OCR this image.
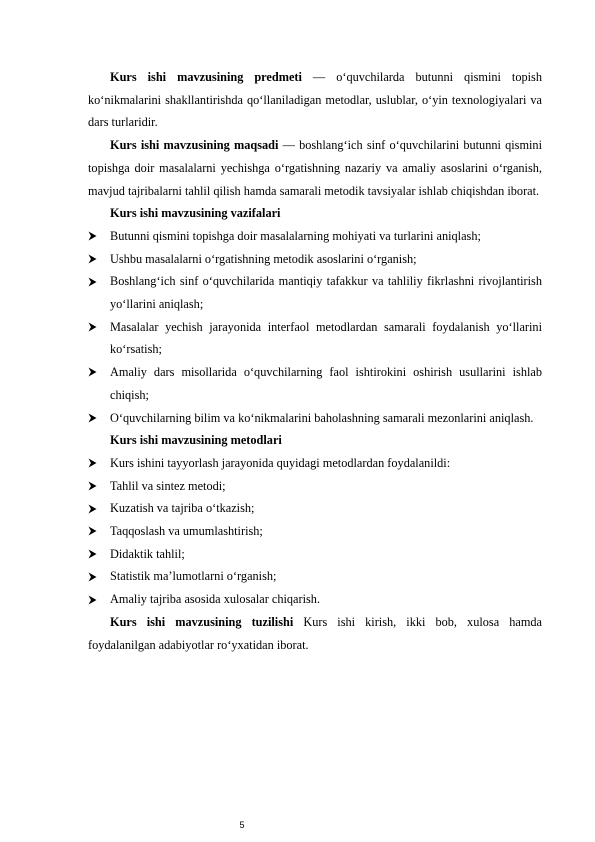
Kurs ishi mavzusining predmeti — o‘quvchilarda butunni qismini topish ko‘nikmalarini shakllantirishda qo‘llaniladigan metodlar, uslublar, o‘yin texnologiyalari va dars turlaridir.

Kurs ishi mavzusining maqsadi — boshlang‘ich sinf o‘quvchilarini butunni qismini topishga doir masalalarni yechishga o‘rgatishning nazariy va amaliy asoslarini o‘rganish, mavjud tajribalarni tahlil qilish hamda samarali metodik tavsiyalar ishlab chiqishdan iborat.

Kurs ishi mavzusining vazifalari

Butunni qismini topishga doir masalalarning mohiyati va turlarini aniqlash;
Ushbu masalalarni o‘rgatishning metodik asoslarini o‘rganish;
Boshlang‘ich sinf o‘quvchilarida mantiqiy tafakkur va tahliliy fikrlashni rivojlantirish yo‘llarini aniqlash;
Masalalar yechish jarayonida interfaol metodlardan samarali foydalanish yo‘llarini ko‘rsatish;
Amaliy dars misollarida o‘quvchilarning faol ishtirokini oshirish usullarini ishlab chiqish;
O‘quvchilarning bilim va ko‘nikmalarini baholashning samarali mezonlarini aniqlash.

Kurs ishi mavzusining metodlari

Kurs ishini tayyorlash jarayonida quyidagi metodlardan foydalanildi:
Tahlil va sintez metodi;
Kuzatish va tajriba o‘tkazish;
Taqqoslash va umumlashtirish;
Didaktik tahlil;
Statistik ma’lumotlarni o‘rganish;
Amaliy tajriba asosida xulosalar chiqarish.

Kurs ishi mavzusining tuzilishi Kurs ishi kirish, ikki bob, xulosa hamda foydalanilgan adabiyotlar ro‘yxatidan iborat.

5
